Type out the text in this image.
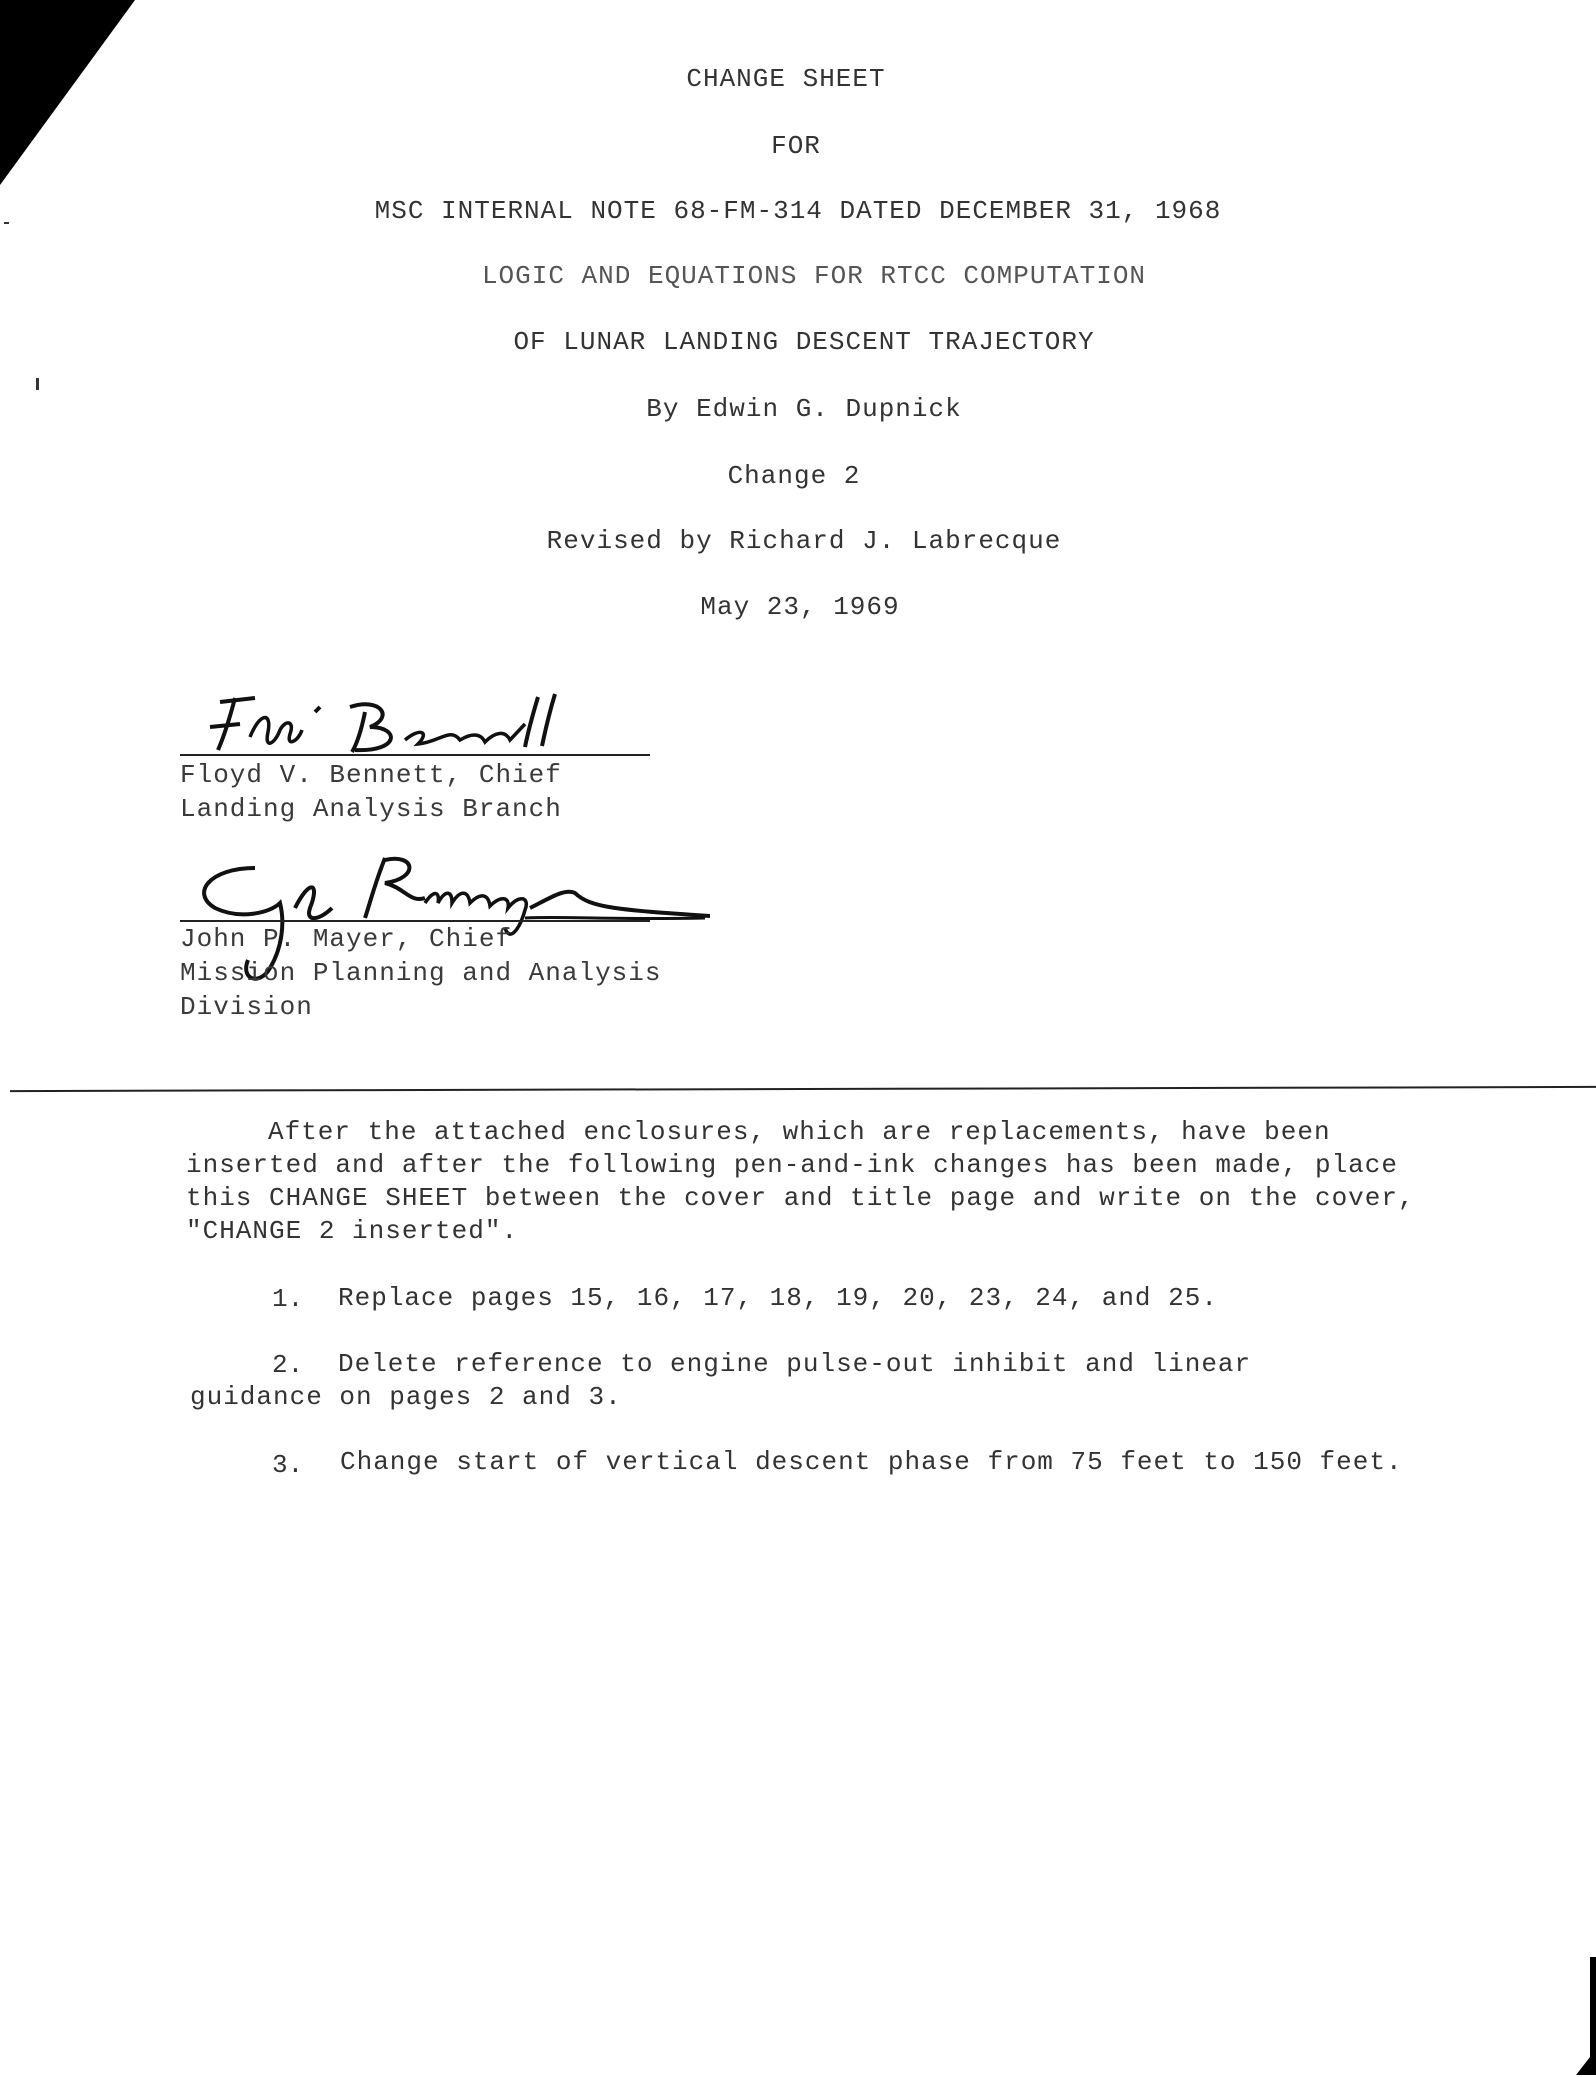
CHANGE SHEET
FOR
MSC INTERNAL NOTE 68-FM-314 DATED DECEMBER 31, 1968
LOGIC AND EQUATIONS FOR RTCC COMPUTATION
OF LUNAR LANDING DESCENT TRAJECTORY
By Edwin G. Dupnick
Change 2
Revised by Richard J. Labrecque
May 23, 1969
Floyd V. Bennett, Chief
Landing Analysis Branch
John P. Mayer, Chief
Mission Planning and Analysis
Division
After the attached enclosures, which are replacements, have been inserted and after the following pen-and-ink changes has been made, place this CHANGE SHEET between the cover and title page and write on the cover, "CHANGE 2 inserted".
1. Replace pages 15, 16, 17, 18, 19, 20, 23, 24, and 25.
2.	Delete reference to engine pulse-out inhibit and linear guidance on pages 2 and 3.
3. Change start of vertical descent phase from 75 feet to 150 feet.
